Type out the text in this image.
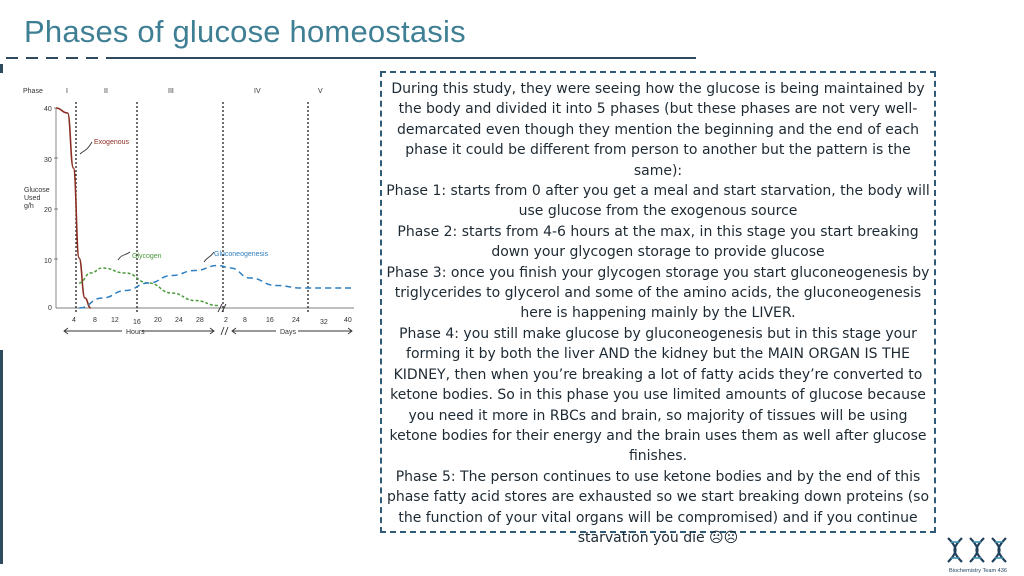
Phases of glucose homeostasis
Phase	I	II	III	IV	V
Glucose Used g/h
40
30
20
10
0
4 8 12 16 20 24 28	2 8	16	24	32 40
Hours	Days
Exogenous
Glycogen	Gluconeogenesis

During this study, they were seeing how the glucose is being maintained by the body and divided it into 5 phases (but these phases are not very well-demarcated even though they mention the beginning and the end of each phase it could be different from person to another but the pattern is the same):

Phase 1: starts from 0 after you get a meal and start starvation, the body will use glucose from the exogenous source

Phase 2: starts from 4-6 hours at the max, in this stage you start breaking down your glycogen storage to provide glucose

Phase 3: once you finish your glycogen storage you start gluconeogenesis by triglycerides to glycerol and some of the amino acids, the gluconeogenesis here is happening mainly by the LIVER.

Phase 4: you still make glucose by gluconeogenesis but in this stage your forming it by both the liver AND the kidney but the MAIN ORGAN IS THE KIDNEY, then when you’re breaking a lot of fatty acids they’re converted to ketone bodies. So in this phase you use limited amounts of glucose because you need it more in RBCs and brain, so majority of tissues will be using ketone bodies for their energy and the brain uses them as well after glucose finishes.

Phase 5: The person continues to use ketone bodies and by the end of this phase fatty acid stores are exhausted so we start breaking down proteins (so the function of your vital organs will be compromised) and if you continue starvation you die ☹☹

Biochemistry Team 436
